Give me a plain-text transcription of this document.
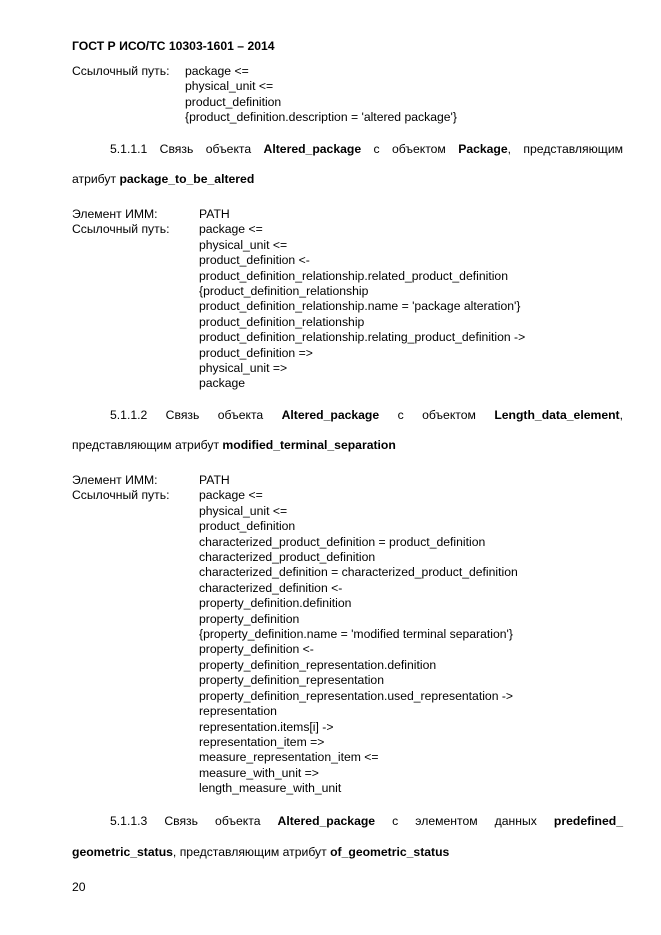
ГОСТ Р ИСО/ТС 10303-1601 – 2014
Ссылочный путь:	package <=
physical_unit <=
product_definition
{product_definition.description = 'altered package'}
5.1.1.1 Связь объекта Altered_package с объектом Package, представляющим
атрибут package_to_be_altered
Элемент ИММ:	PATH
Ссылочный путь:	package <=
physical_unit <=
product_definition <-
product_definition_relationship.related_product_definition
{product_definition_relationship
product_definition_relationship.name = 'package alteration'}
product_definition_relationship
product_definition_relationship.relating_product_definition ->
product_definition =>
physical_unit =>
package
5.1.1.2 Связь объекта Altered_package с объектом Length_data_element,
представляющим атрибут modified_terminal_separation
Элемент ИММ:	PATH
Ссылочный путь:	package <=
physical_unit <=
product_definition
characterized_product_definition = product_definition
characterized_product_definition
characterized_definition = characterized_product_definition
characterized_definition <-
property_definition.definition
property_definition
{property_definition.name = 'modified terminal separation'}
property_definition <-
property_definition_representation.definition
property_definition_representation
property_definition_representation.used_representation ->
representation
representation.items[i] ->
representation_item =>
measure_representation_item <=
measure_with_unit =>
length_measure_with_unit
5.1.1.3 Связь объекта Altered_package с элементом данных predefined_
geometric_status, представляющим атрибут of_geometric_status
20
